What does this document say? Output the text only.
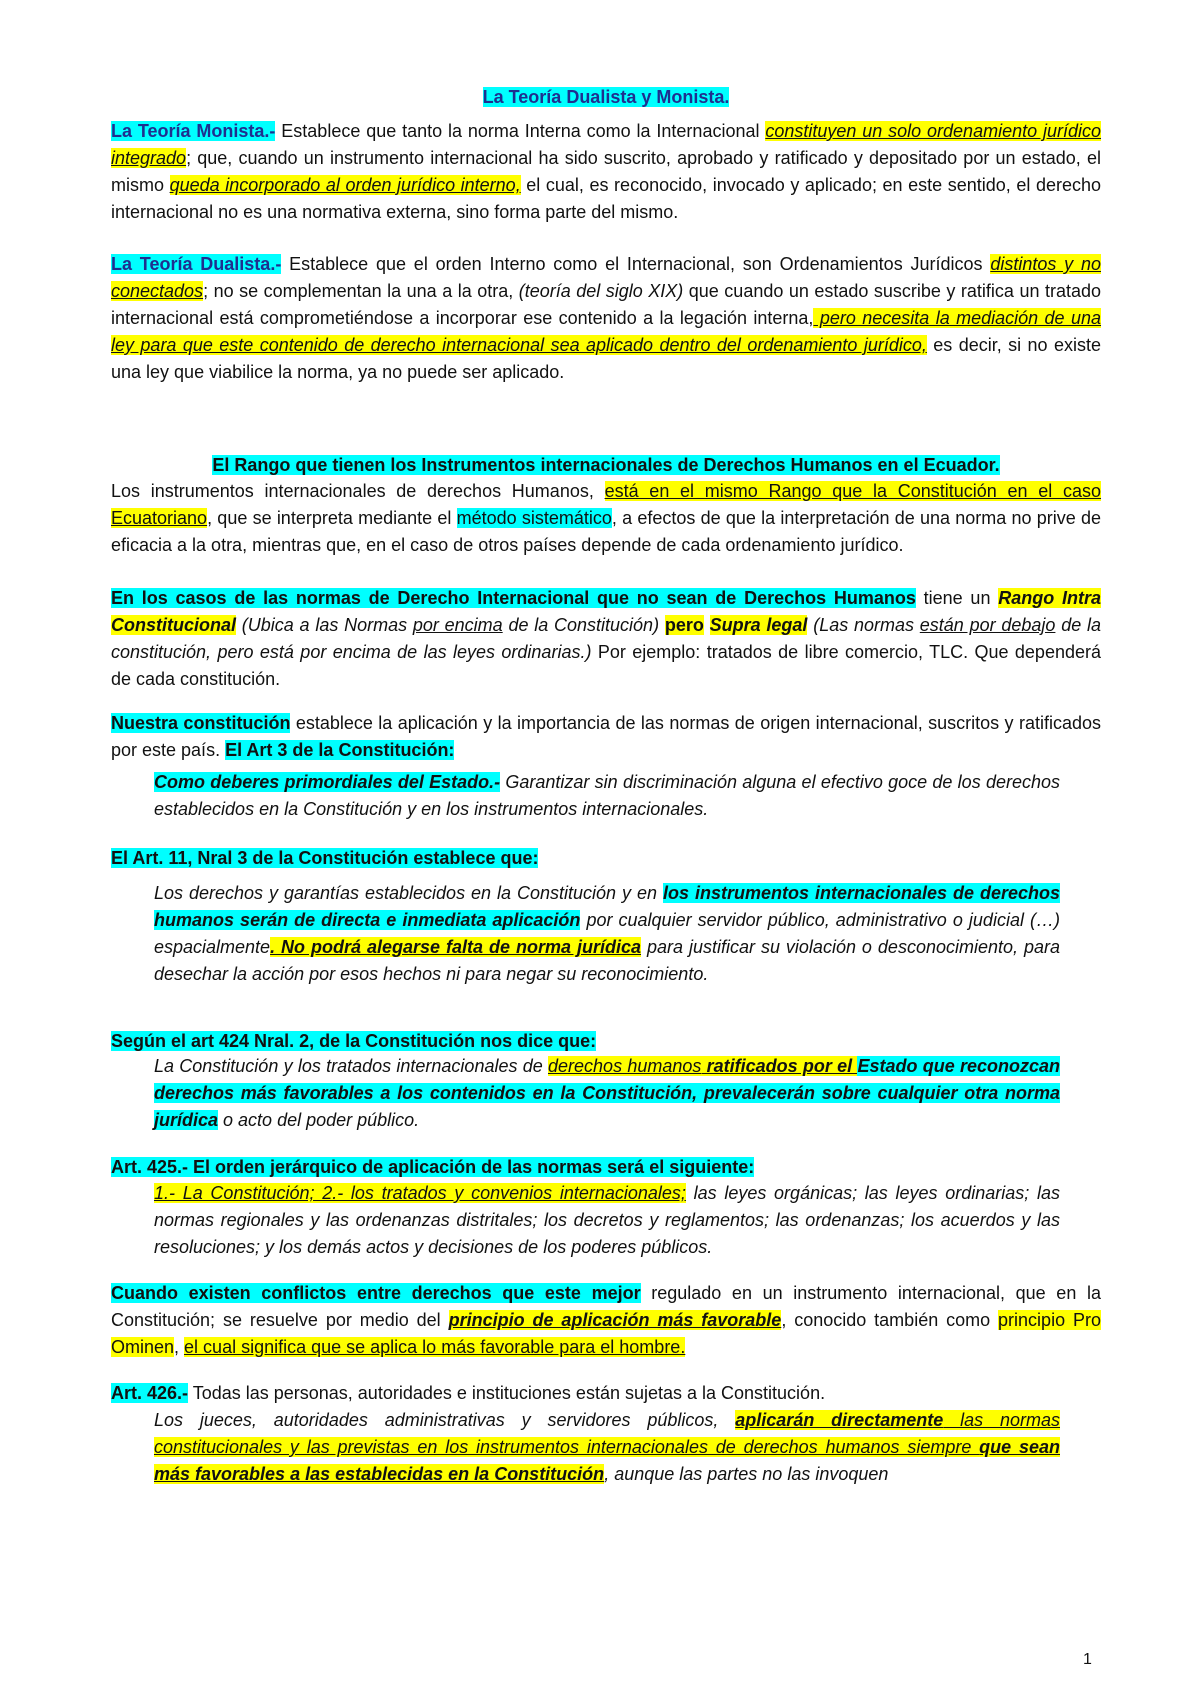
La Teoría Dualista y Monista.

La Teoría Monista.- Establece que tanto la norma Interna como la Internacional constituyen un solo ordenamiento jurídico integrado; que, cuando un instrumento internacional ha sido suscrito, aprobado y ratificado y depositado por un estado, el mismo queda incorporado al orden jurídico interno, el cual, es reconocido, invocado y aplicado; en este sentido, el derecho internacional no es una normativa externa, sino forma parte del mismo.

La Teoría Dualista.- Establece que el orden Interno como el Internacional, son Ordenamientos Jurídicos distintos y no conectados; no se complementan la una a la otra, (teoría del siglo XIX) que cuando un estado suscribe y ratifica un tratado internacional está comprometiéndose a incorporar ese contenido a la legación interna, pero necesita la mediación de una ley para que este contenido de derecho internacional sea aplicado dentro del ordenamiento jurídico, es decir, si no existe una ley que viabilice la norma, ya no puede ser aplicado.

El Rango que tienen los Instrumentos internacionales de Derechos Humanos en el Ecuador.

Los instrumentos internacionales de derechos Humanos, está en el mismo Rango que la Constitución en el caso Ecuatoriano, que se interpreta mediante el método sistemático, a efectos de que la interpretación de una norma no prive de eficacia a la otra, mientras que, en el caso de otros países depende de cada ordenamiento jurídico.

En los casos de las normas de Derecho Internacional que no sean de Derechos Humanos tiene un Rango Intra Constitucional (Ubica a las Normas por encima de la Constitución) pero Supra legal (Las normas están por debajo de la constitución, pero está por encima de las leyes ordinarias.) Por ejemplo: tratados de libre comercio, TLC. Que dependerá de cada constitución.

Nuestra constitución establece la aplicación y la importancia de las normas de origen internacional, suscritos y ratificados por este país. El Art 3 de la Constitución:

Como deberes primordiales del Estado.- Garantizar sin discriminación alguna el efectivo goce de los derechos establecidos en la Constitución y en los instrumentos internacionales.

El Art. 11, Nral 3 de la Constitución establece que:

Los derechos y garantías establecidos en la Constitución y en los instrumentos internacionales de derechos humanos serán de directa e inmediata aplicación por cualquier servidor público, administrativo o judicial (…) espacialmente. No podrá alegarse falta de norma jurídica para justificar su violación o desconocimiento, para desechar la acción por esos hechos ni para negar su reconocimiento.

Según el art 424 Nral. 2, de la Constitución nos dice que:

La Constitución y los tratados internacionales de derechos humanos ratificados por el Estado que reconozcan derechos más favorables a los contenidos en la Constitución, prevalecerán sobre cualquier otra norma jurídica o acto del poder público.

Art. 425.- El orden jerárquico de aplicación de las normas será el siguiente:

1.- La Constitución; 2.- los tratados y convenios internacionales; las leyes orgánicas; las leyes ordinarias; las normas regionales y las ordenanzas distritales; los decretos y reglamentos; las ordenanzas; los acuerdos y las resoluciones; y los demás actos y decisiones de los poderes públicos.

Cuando existen conflictos entre derechos que este mejor regulado en un instrumento internacional, que en la Constitución; se resuelve por medio del principio de aplicación más favorable, conocido también como principio Pro Ominen, el cual significa que se aplica lo más favorable para el hombre.

Art. 426.- Todas las personas, autoridades e instituciones están sujetas a la Constitución.

Los jueces, autoridades administrativas y servidores públicos, aplicarán directamente las normas constitucionales y las previstas en los instrumentos internacionales de derechos humanos siempre que sean más favorables a las establecidas en la Constitución, aunque las partes no las invoquen

1
